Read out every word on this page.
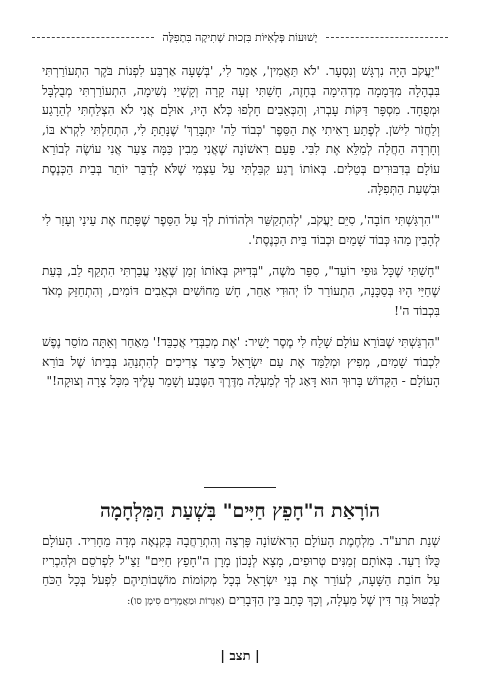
יְשׁוּעוֹת פְּלָאִיּוֹת בִּזְכוּת שְׁתִיקָה בִּתְפִלָּה

"יַעֲקֹב הָיָה נִרְגָּשׁ וְנִסְעָר. 'לֹא תַּאֲמִין', אָמַר לִי, 'בְּשָׁעָה אַרְבַּע לִפְנוֹת בֹּקֶר הִתְעוֹרַרְתִּי בִּבְהָלָה מִדְּמָמָה מְדְהִימָה בְּחָזֶה, חָשַׁתִּי זְעָה קָרָה וְקָשְׁיֵי נְשִׁימָה, הִתְעוֹרַרְתִּי מְבֻלְבָּל וּמְפֻחָד. מִסְפָּר דַּקּוֹת עָבְרוּ, וְהַכְּאֵבִים חָלְפוּ כְּלֹא הָיוּ, אוּלָם אֲנִי לֹא הִצְלַחְתִּי לְהֵרָגַע וְלַחֲזֹר לִישֹׁן. לְפֶתַע רָאִיתִי אֶת הַסֵּפֶר 'כְּבוֹד לֵה' יִתְבָּרַךְ' שֶׁנָּתַתָּ לִי, הִתְחַלְתִּי לִקְרֹא בּוֹ, וְחָרְדָה הַחֲלָה לְמַלֵּא אֶת לִבִּי. פַּעַם רִאשׁוֹנָה שֶׁאֲנִי מֵבִין כַּמָּה צַעַר אֲנִי עוֹשֶׂה לְבוֹרֵא עוֹלָם בְּדִבּוּרִים בְּטֵלִים. בְּאוֹתוֹ רֶגַע קִבַּלְתִּי עַל עַצְמִי שֶׁלֹּא לְדַבֵּר יוֹתֵר בְּבֵית הַכְּנֶסֶת וּבִשְׁעַת הַתְּפִלָּה.

"'הִרְגַּשְׁתִּי חוֹבָה', סִיֵּם יַעֲקֹב, 'לְהִתְקַשֵּׁר וּלְהוֹדוֹת לְךָ עַל הַסֵּפֶר שֶׁפָּתַח אֶת עֵינַי וְעָזַר לִי לְהָבִין מַהוּ כְּבוֹד שָׁמַיִם וּכְבוֹד בֵּית הַכְּנֶסֶת'.

"חָשַׁתִּי שֶׁכָּל גּוּפִי רוֹעֵד", סִפֵּר מֹשֶׁה, "בְּדִיּוּק בְּאוֹתוֹ זְמַן שֶׁאֲנִי עֲבַרְתִּי הִתְקֵף לֵב, בְּעֵת שֶׁחַיַּי הָיוּ בְּסַכָּנָה, הִתְעוֹרֵר לוֹ יְהוּדִי אַחֵר, חָשׁ מֵחוֹשִׁים וּכְאֵבִים דּוֹמִים, וְהִתְחַזֵּק מְאֹד בִּכְבוֹד ה'!

"הִרְגַּשְׁתִּי שֶׁבּוֹרֵא עוֹלָם שָׁלַח לִי מֶסֶר יָשִׁיר: 'אֶת מְכַבְּדַי אֲכַבֵּד!' מֵאַחַר וְאַתָּה מוֹסֵר נֶפֶשׁ לִכְבוֹד שָׁמַיִם, מְפִיץ וּמְלַמֵּד אֶת עַם יִשְׂרָאֵל כֵּיצַד צְרִיכִים לְהִתְנַהֵג בְּבֵיתוֹ שֶׁל בּוֹרֵא הָעוֹלָם - הַקָּדוֹשׁ בָּרוּךְ הוּא דָּאַג לְךָ לְמַעְלָה מִדֶּרֶךְ הַטֶּבַע וְשָׁמַר עָלֶיךָ מִכָּל צָרָה וְצוּקָה!"

הוֹרָאַת ה"חָפֵץ חַיִּים" בִּשְׁעַת הַמִּלְחָמָה
שְׁנַת תרע"ד. מִלְחֶמֶת הָעוֹלָם הָרִאשׁוֹנָה פָּרְצָה וְהִתְרַחֲבָה בְּקִנְאָה מְדָה מֵחָרִיד. הָעוֹלָם כֻּלּוֹ רָעַד. בְּאוֹתָם זְמַנִּים טְרוּפִים, מָצָא לְנָכוֹן מָרָן ה"חָפֵץ חַיִּים" זַצַ"ל לִפְרֹסֵם וּלְהַכְרִיז עַל חוֹבַת הַשָּׁעָה, לְעוֹרֵר אֶת בְּנֵי יִשְׂרָאֵל בְּכָל מְקוֹמוֹת מוֹשְׁבוֹתֵיהֶם לִפְעֹל בְּכָל הַכֹּחַ לְבִטּוּל גְּזַר דִּין שֶׁל מַעְלָה, וְכָךְ כָּתַב בֵּין הַדְּבָרִים (אִגְּרוֹת וּמַאֲמָרִים סִימָן סו):
| תצב |
